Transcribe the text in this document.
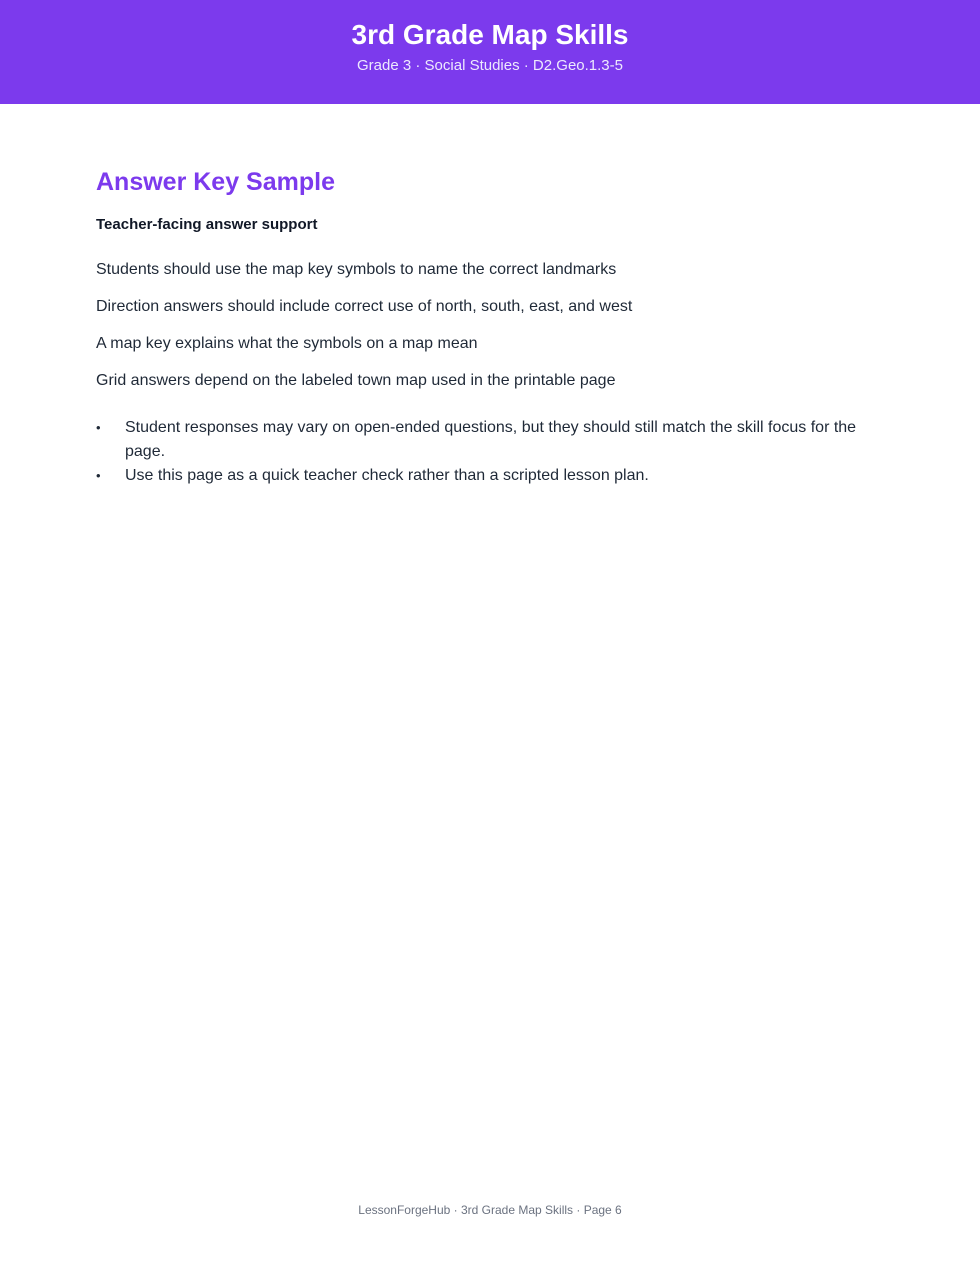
3rd Grade Map Skills
Grade 3 · Social Studies · D2.Geo.1.3-5
Answer Key Sample
Teacher-facing answer support

Students should use the map key symbols to name the correct landmarks

Direction answers should include correct use of north, south, east, and west

A map key explains what the symbols on a map mean

Grid answers depend on the labeled town map used in the printable page

• Student responses may vary on open-ended questions, but they should still match the skill focus for the page.
• Use this page as a quick teacher check rather than a scripted lesson plan.
LessonForgeHub · 3rd Grade Map Skills · Page 6
